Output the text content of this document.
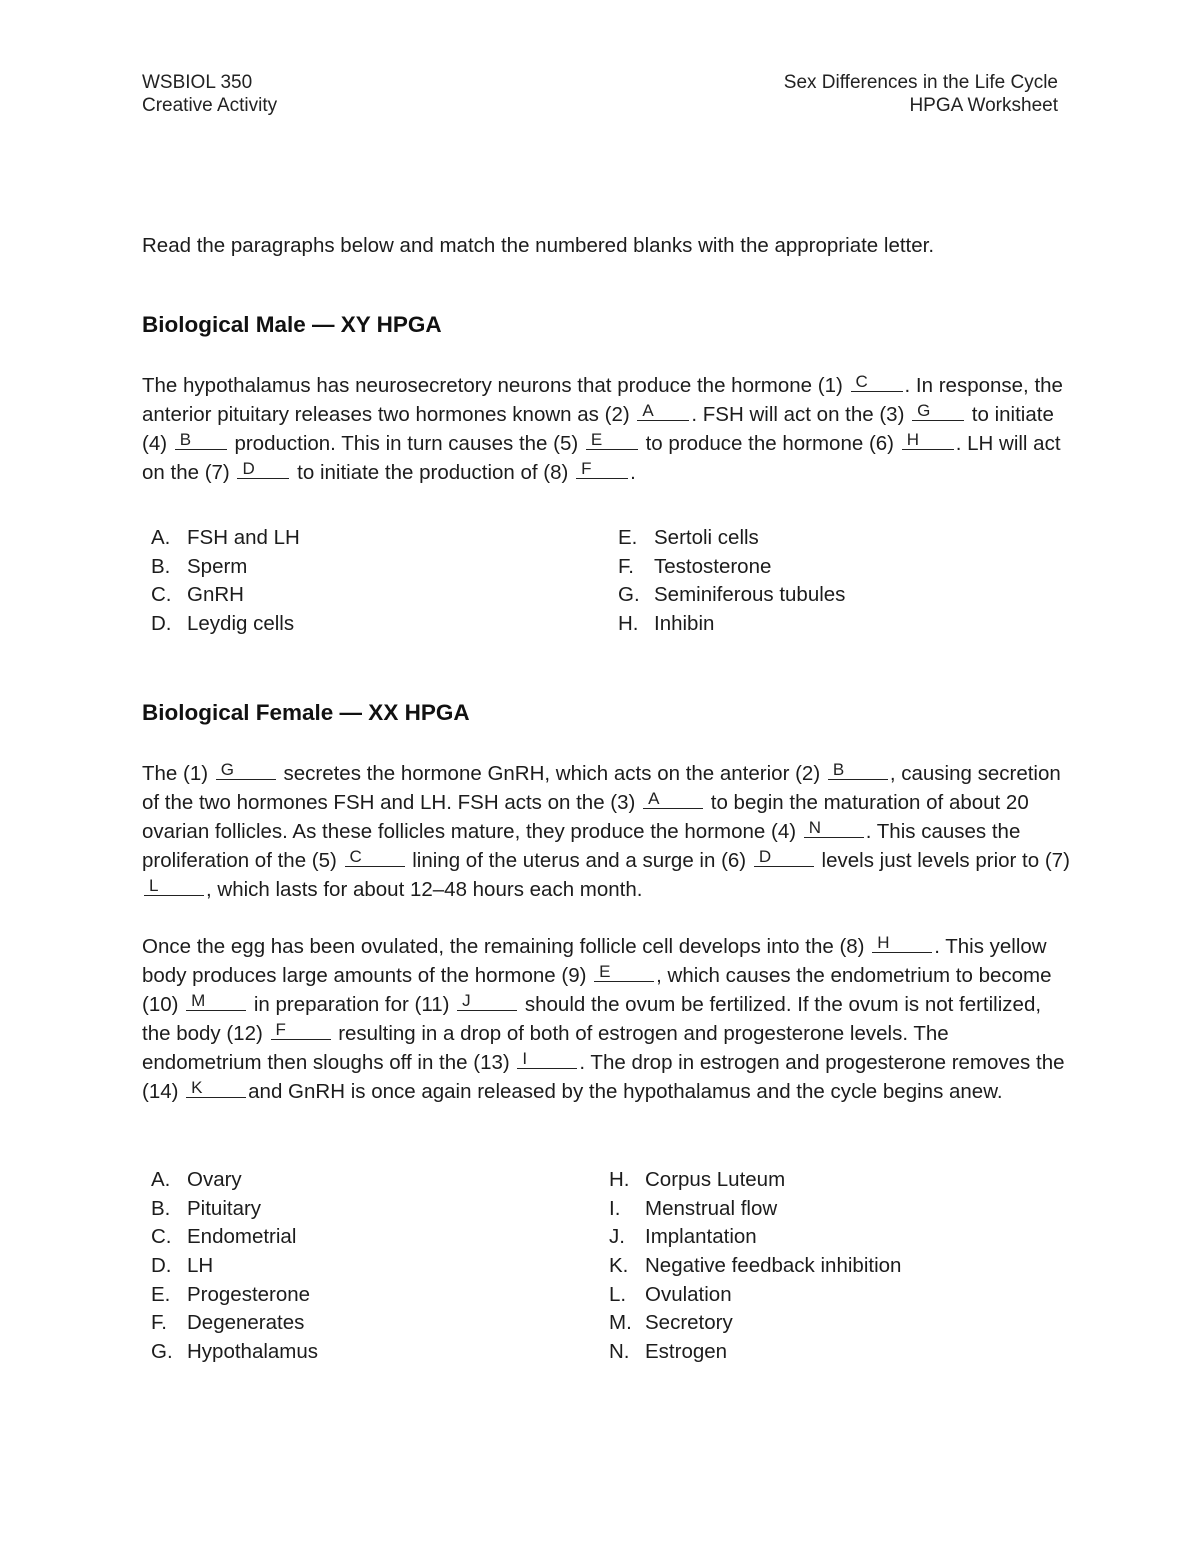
WSBIOL 350
Creative Activity
Sex Differences in the Life Cycle
HPGA Worksheet
Read the paragraphs below and match the numbered blanks with the appropriate letter.
Biological Male — XY HPGA

The hypothalamus has neurosecretory neurons that produce the hormone (1) C . In response, the anterior pituitary releases two hormones known as (2) A . FSH will act on the (3) G to initiate (4) B production. This in turn causes the (5) E to produce the hormone (6) H . LH will act on the (7) D to initiate the production of (8) F .

A. FSH and LH
B. Sperm
C. GnRH
D. Leydig cells
E. Sertoli cells
F. Testosterone
G. Seminiferous tubules
H. Inhibin
Biological Female — XX HPGA

The (1) G secretes the hormone GnRH, which acts on the anterior (2) B , causing secretion of the two hormones FSH and LH. FSH acts on the (3) A to begin the maturation of about 20 ovarian follicles. As these follicles mature, they produce the hormone (4) N . This causes the proliferation of the (5) C lining of the uterus and a surge in (6) D levels just levels prior to (7)
L , which lasts for about 12–48 hours each month.

Once the egg has been ovulated, the remaining follicle cell develops into the (8) H . This yellow body produces large amounts of the hormone (9) E , which causes the endometrium to become (10) M in preparation for (11) J should the ovum be fertilized. If the ovum is not fertilized, the body (12) F resulting in a drop of both of estrogen and progesterone levels. The endometrium then sloughs off in the (13) I	. The drop in estrogen and progesterone removes the (14) K and GnRH is once again released by the hypothalamus and the cycle begins anew.

A. Ovary
B. Pituitary
C. Endometrial
D. LH
E. Progesterone
F. Degenerates
G. Hypothalamus
H. Corpus Luteum
I. Menstrual flow
J. Implantation
K. Negative feedback inhibition
L. Ovulation
M. Secretory
N. Estrogen
